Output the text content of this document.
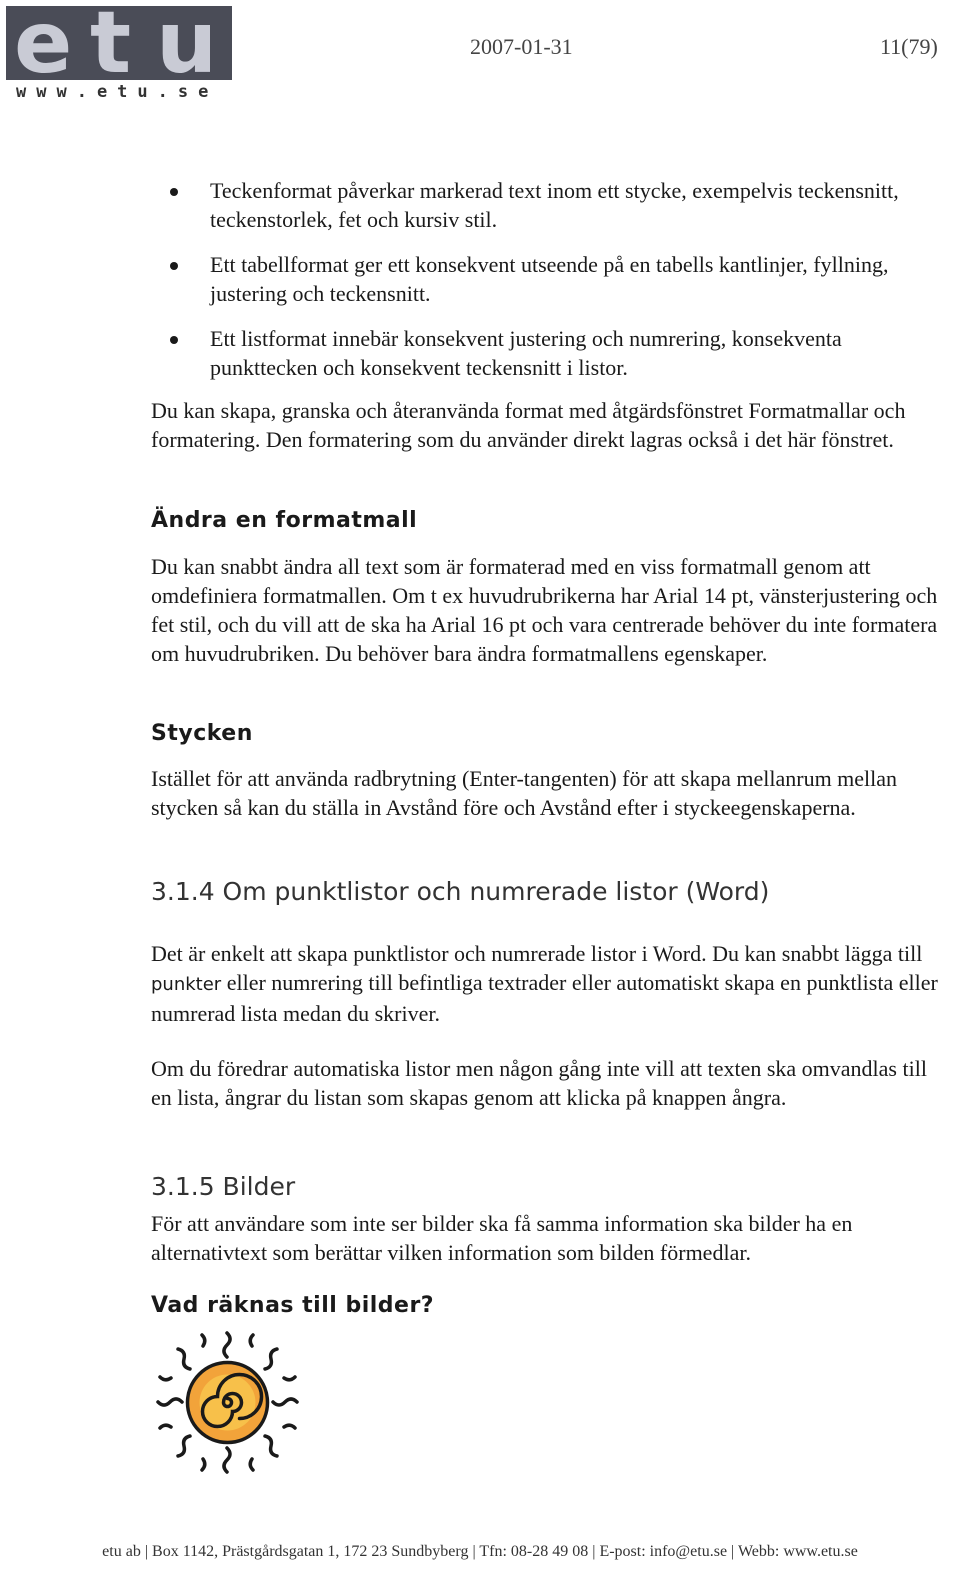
e t u
www.etu.se
2007-01-31	11(79)
Teckenformat påverkar markerad text inom ett stycke, exempelvis teckensnitt, teckenstorlek, fet och kursiv stil.
Ett tabellformat ger ett konsekvent utseende på en tabells kantlinjer, fyllning, justering och teckensnitt.
Ett listformat innebär konsekvent justering och numrering, konsekventa punkttecken och konsekvent teckensnitt i listor.

Du kan skapa, granska och återanvända format med åtgärdsfönstret Formatmallar och formatering. Den formatering som du använder direkt lagras också i det här fönstret.

Ändra en formatmall

Du kan snabbt ändra all text som är formaterad med en viss formatmall genom att omdefiniera formatmallen. Om t ex huvudrubrikerna har Arial 14 pt, vänsterjustering och fet stil, och du vill att de ska ha Arial 16 pt och vara centrerade behöver du inte formatera om huvudrubriken. Du behöver bara ändra formatmallens egenskaper.

Stycken

Istället för att använda radbrytning (Enter-tangenten) för att skapa mellanrum mellan stycken så kan du ställa in Avstånd före och Avstånd efter i styckeegenskaperna.

3.1.4 Om punktlistor och numrerade listor (Word)

Det är enkelt att skapa punktlistor och numrerade listor i Word. Du kan snabbt lägga till punkter eller numrering till befintliga textrader eller automatiskt skapa en punktlista eller numrerad lista medan du skriver.

Om du föredrar automatiska listor men någon gång inte vill att texten ska omvandlas till en lista, ångrar du listan som skapas genom att klicka på knappen ångra.

3.1.5 Bilder

För att användare som inte ser bilder ska få samma information ska bilder ha en alternativtext som berättar vilken information som bilden förmedlar.

Vad räknas till bilder?
etu ab | Box 1142, Prästgårdsgatan 1, 172 23 Sundbyberg | Tfn: 08-28 49 08 | E-post: info@etu.se | Webb: www.etu.se
